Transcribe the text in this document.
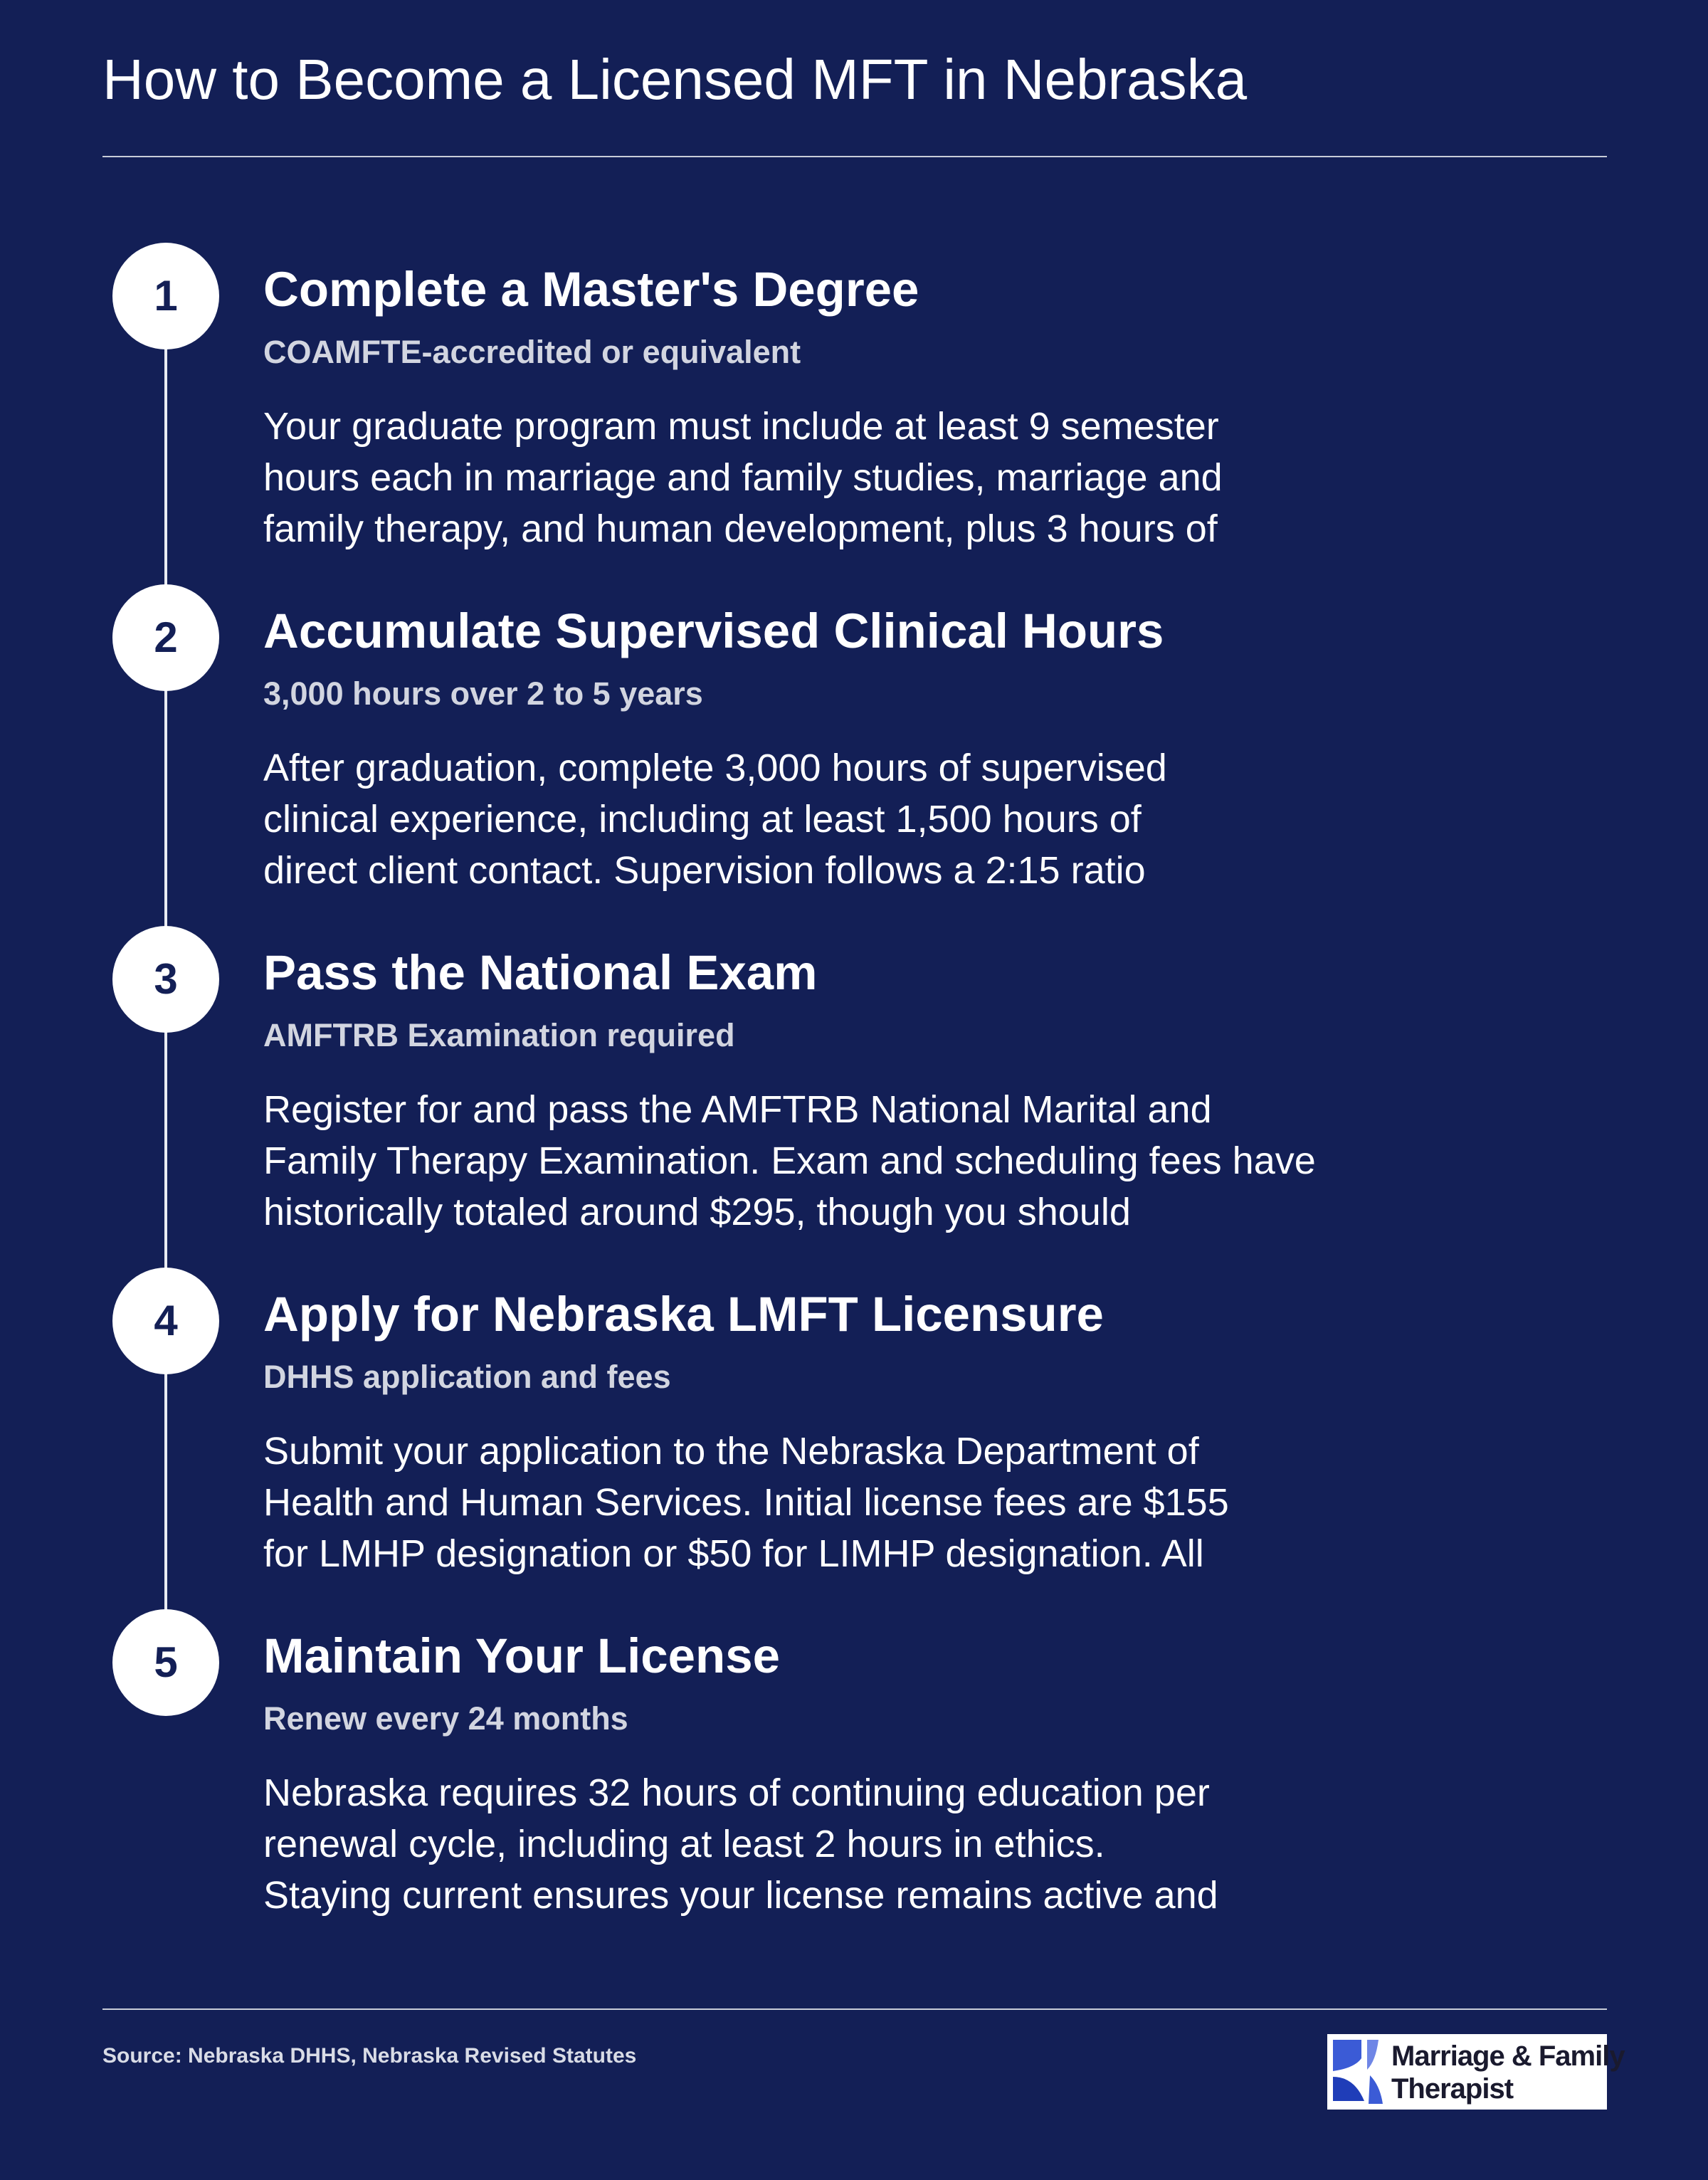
How to Become a Licensed MFT in Nebraska
1	Complete a Master's Degree
COAMFTE-accredited or equivalent
Your graduate program must include at least 9 semester
hours each in marriage and family studies, marriage and
family therapy, and human development, plus 3 hours of
2	Accumulate Supervised Clinical Hours
3,000 hours over 2 to 5 years
After graduation, complete 3,000 hours of supervised
clinical experience, including at least 1,500 hours of
direct client contact. Supervision follows a 2:15 ratio
3	Pass the National Exam
AMFTRB Examination required
Register for and pass the AMFTRB National Marital and
Family Therapy Examination. Exam and scheduling fees have
historically totaled around $295, though you should
4	Apply for Nebraska LMFT Licensure
DHHS application and fees
Submit your application to the Nebraska Department of
Health and Human Services. Initial license fees are $155
for LMHP designation or $50 for LIMHP designation. All
5	Maintain Your License
Renew every 24 months
Nebraska requires 32 hours of continuing education per
renewal cycle, including at least 2 hours in ethics.
Staying current ensures your license remains active and
Source: Nebraska DHHS, Nebraska Revised Statutes	Marriage & Family
Therapist
